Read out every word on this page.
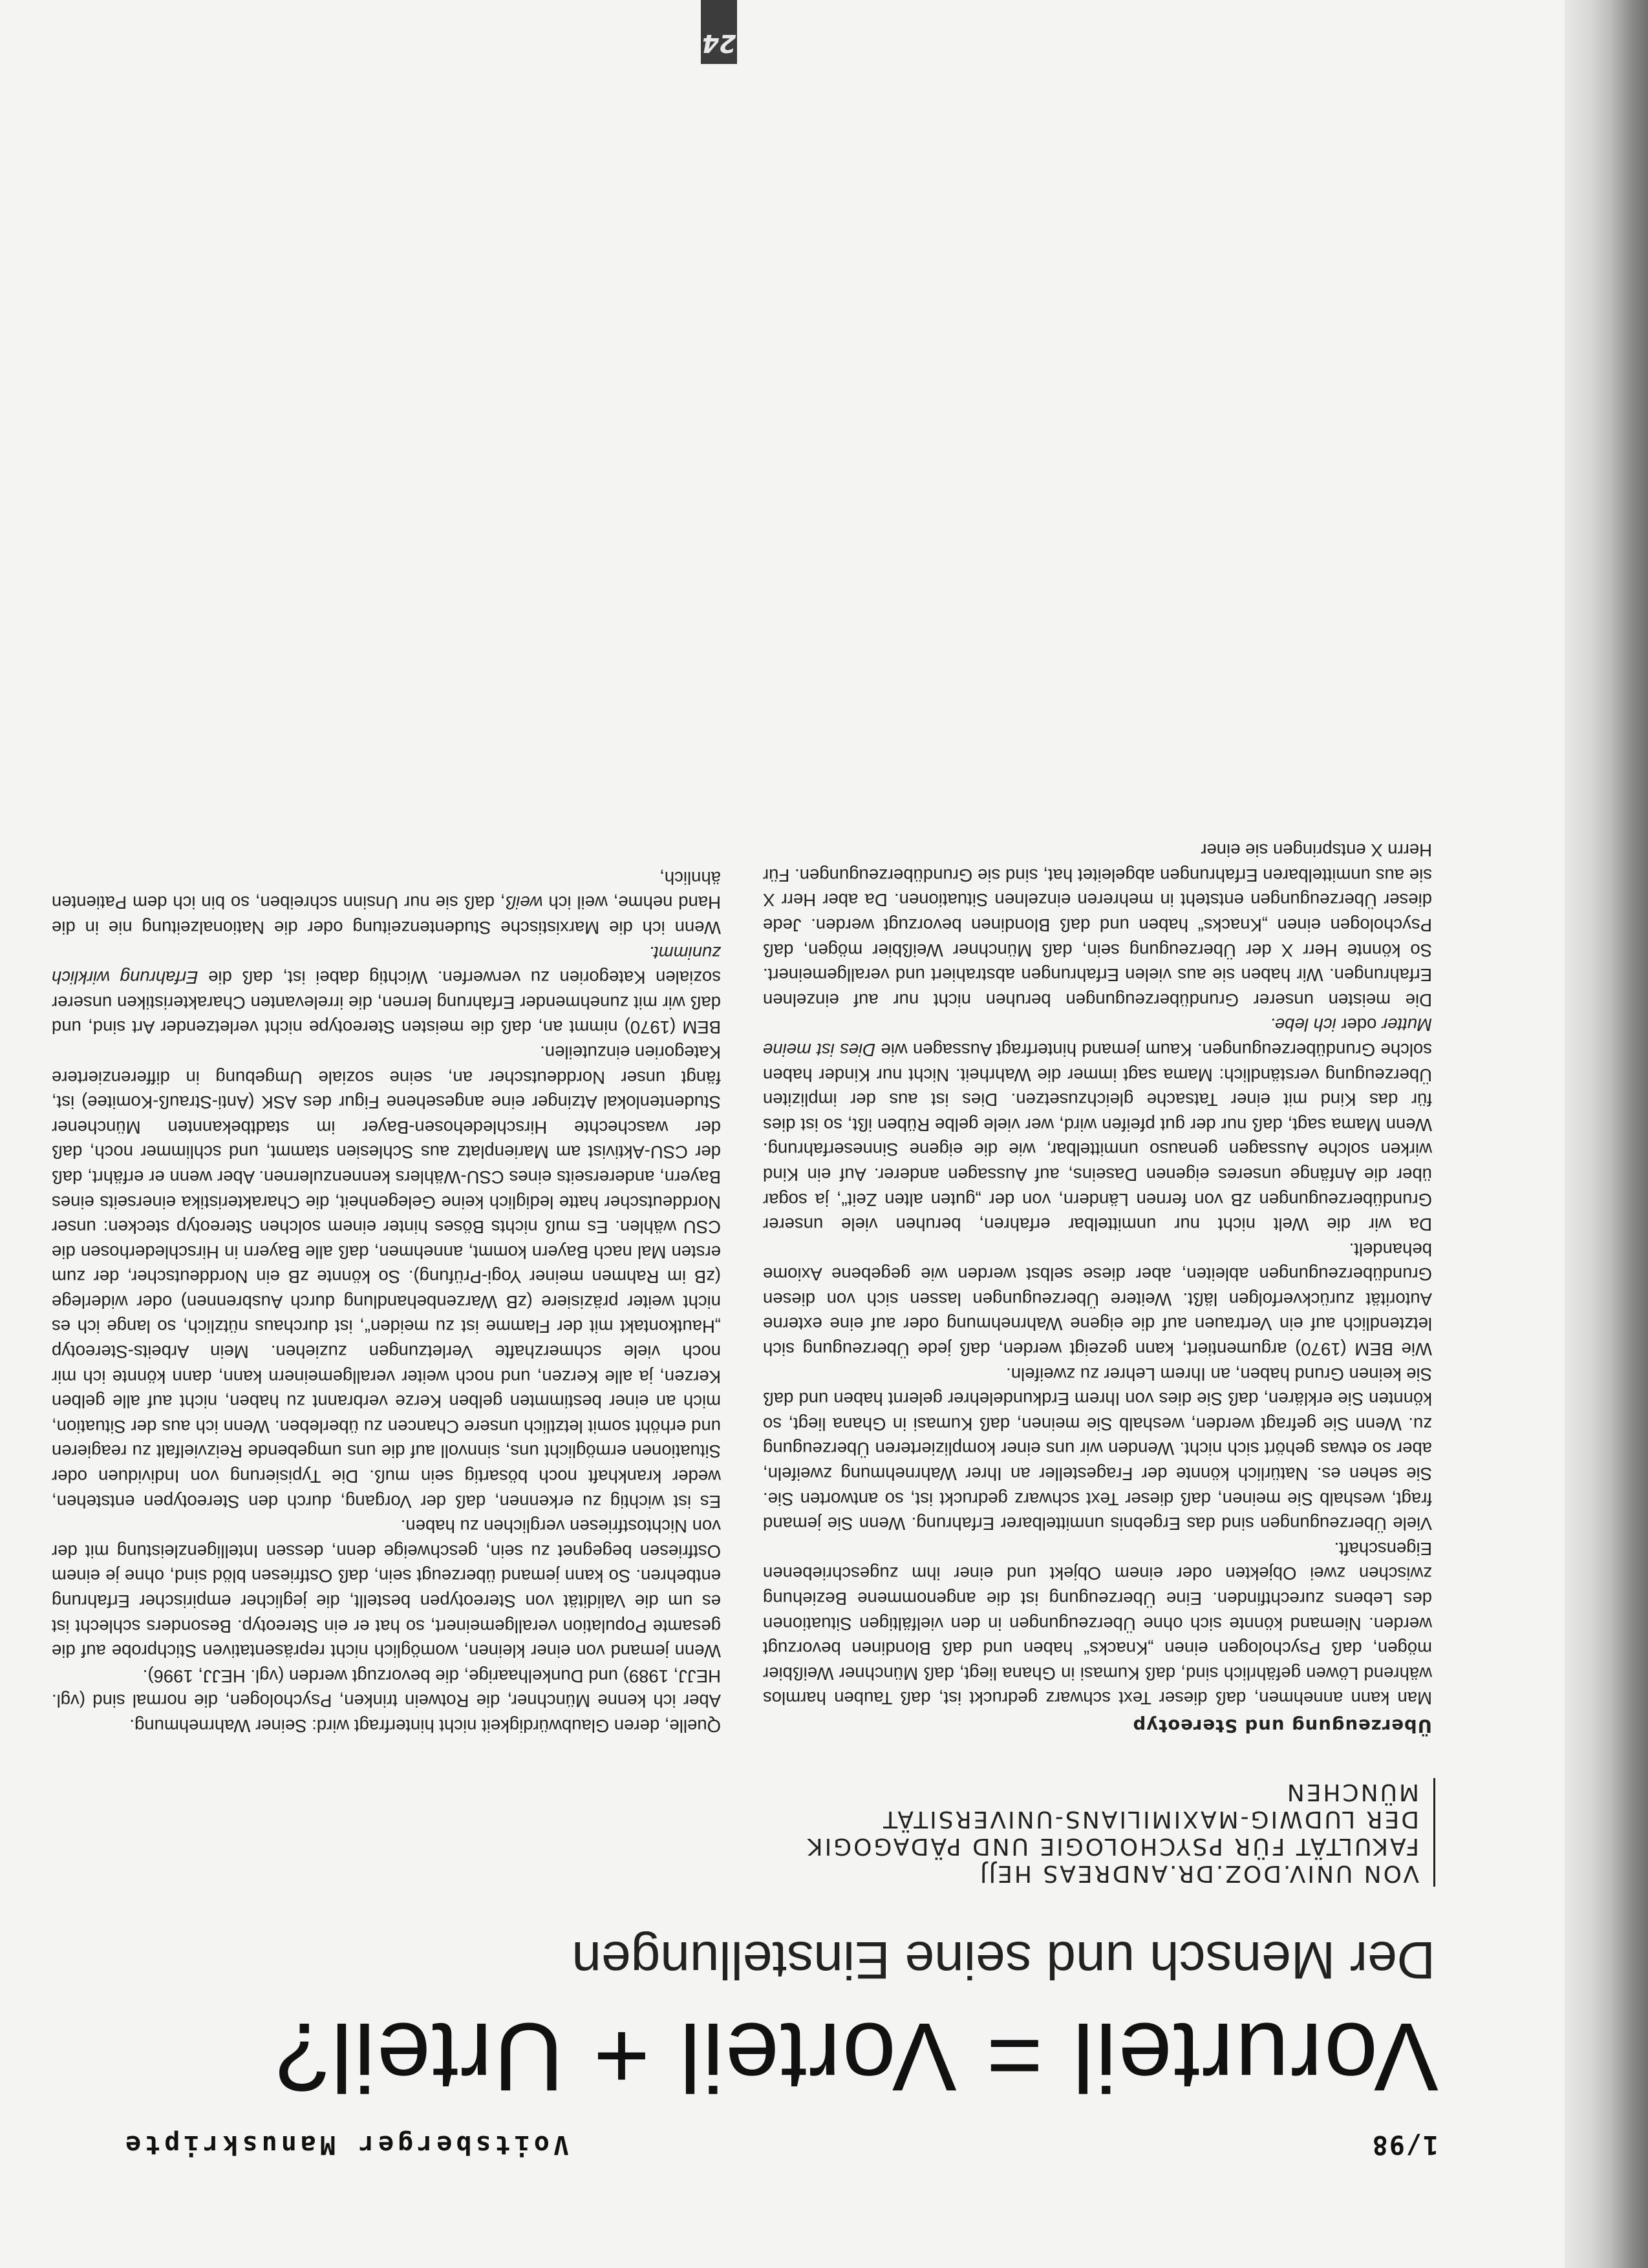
1/98
Voitsberger Manuskripte
Vorurteil = Vorteil + Urteil?
Der Mensch und seine Einstellungen
VON UNIV.DOZ.DR.ANDREAS HEJJ
FAKULTÄT FÜR PSYCHOLOGIE UND PÄDAGOGIK
DER LUDWIG-MAXIMILIANS-UNIVERSITÄT MÜNCHEN
Überzeugung und Stereotyp

Man kann annehmen, daß dieser Text schwarz gedruckt ist, daß Tauben harmlos während Löwen gefährlich sind, daß Kumasi in Ghana liegt, daß Münchner Weißbier mögen, daß Psychologen einen „Knacks“ haben und daß Blondinen bevorzugt werden. Niemand könnte sich ohne Überzeugungen in den vielfältigen Situationen des Lebens zurechtfinden. Eine Überzeugung ist die angenommene Beziehung zwischen zwei Objekten oder einem Objekt und einer ihm zugeschriebenen Eigenschaft.

Viele Überzeugungen sind das Ergebnis unmittelbarer Erfahrung. Wenn Sie jemand fragt, weshalb Sie meinen, daß dieser Text schwarz gedruckt ist, so antworten Sie. Sie sehen es. Natürlich könnte der Fragesteller an Ihrer Wahrnehmung zweifeln, aber so etwas gehört sich nicht. Wenden wir uns einer komplizierteren Überzeugung zu. Wenn Sie gefragt werden, weshalb Sie meinen, daß Kumasi in Ghana liegt, so könnten Sie erklären, daß Sie dies von Ihrem Erdkundelehrer gelernt haben und daß Sie keinen Grund haben, an Ihrem Lehrer zu zweifeln.

Wie BEM (1970) argumentiert, kann gezeigt werden, daß jede Überzeugung sich letztendlich auf ein Vertrauen auf die eigene Wahrnehmung oder auf eine externe Autorität zurückverfolgen läßt. Weitere Überzeugungen lassen sich von diesen Grundüberzeugungen ableiten, aber diese selbst werden wie gegebene Axiome behandelt.

Da wir die Welt nicht nur unmittelbar erfahren, beruhen viele unserer Grundüberzeugungen zB von fernen Ländern, von der „guten alten Zeit“, ja sogar über die Anfänge unseres eigenen Daseins, auf Aussagen anderer. Auf ein Kind wirken solche Aussagen genauso unmittelbar, wie die eigene Sinneserfahrung. Wenn Mama sagt, daß nur der gut pfeifen wird, wer viele gelbe Rüben ißt, so ist dies für das Kind mit einer Tatsache gleichzusetzen. Dies ist aus der impliziten Überzeugung verständlich: Mama sagt immer die Wahrheit. Nicht nur Kinder haben solche Grundüberzeugungen. Kaum jemand hinterfragt Aussagen wie Dies ist meine Mutter oder ich lebe.

Die meisten unserer Grundüberzeugungen beruhen nicht nur auf einzelnen Erfahrungen. Wir haben sie aus vielen Erfahrungen abstrahiert und verallgemeinert. So könnte Herr X der Überzeugung sein, daß Münchner Weißbier mögen, daß Psychologen einen „Knacks“ haben und daß Blondinen bevorzugt werden. Jede dieser Überzeugungen entsteht in mehreren einzelnen Situationen. Da aber Herr X sie aus unmittelbaren Erfahrungen abgeleitet hat, sind sie Grundüberzeugungen. Für Herrn X entspringen sie einer

Quelle, deren Glaubwürdigkeit nicht hinterfragt wird: Seiner Wahrnehmung.

Aber ich kenne Münchner, die Rotwein trinken, Psychologen, die normal sind (vgl. HEJJ, 1989) und Dunkelhaarige, die bevorzugt werden (vgl. HEJJ, 1996).

Wenn jemand von einer kleinen, womöglich nicht repräsentativen Stichprobe auf die gesamte Population verallgemeinert, so hat er ein Stereotyp. Besonders schlecht ist es um die Validität von Stereotypen bestellt, die jeglicher empirischer Erfahrung entbehren. So kann jemand überzeugt sein, daß Ostfriesen blöd sind, ohne je einem Ostfriesen begegnet zu sein, geschweige denn, dessen Intelligenzleistung mit der von Nichtostfriesen verglichen zu haben.

Es ist wichtig zu erkennen, daß der Vorgang, durch den Stereotypen entstehen, weder krankhaft noch bösartig sein muß. Die Typisierung von Individuen oder Situationen ermöglicht uns, sinnvoll auf die uns umgebende Reizvielfalt zu reagieren und erhöht somit letztlich unsere Chancen zu überleben. Wenn ich aus der Situation, mich an einer bestimmten gelben Kerze verbrannt zu haben, nicht auf alle gelben Kerzen, ja alle Kerzen, und noch weiter verallgemeinern kann, dann könnte ich mir noch viele schmerzhafte Verletzungen zuziehen. Mein Arbeits-Stereotyp „Hautkontakt mit der Flamme ist zu meiden“, ist durchaus nützlich, so lange ich es nicht weiter präzisiere (zB Warzenbehandlung durch Ausbrennen) oder widerlege (zB im Rahmen meiner Yogi-Prüfung). So könnte zB ein Norddeutscher, der zum ersten Mal nach Bayern kommt, annehmen, daß alle Bayern in Hirschlederhosen die CSU wählen. Es muß nichts Böses hinter einem solchen Stereotyp stecken: unser Norddeutscher hatte lediglich keine Gelegenheit, die Charakteristika einerseits eines Bayern, andererseits eines CSU-Wählers kennenzulernen. Aber wenn er erfährt, daß der CSU-Aktivist am Marienplatz aus Schlesien stammt, und schlimmer noch, daß der waschechte Hirschledehosen-Bayer im stadtbekannten Münchener Studentenlokal Atzinger eine angesehene Figur des ASK (Anti-Strauß-Komitee) ist, fängt unser Norddeutscher an, seine soziale Umgebung in differenziertere Kategorien einzuteilen.

BEM (1970) nimmt an, daß die meisten Stereotype nicht verletzender Art sind, und daß wir mit zunehmender Erfahrung lernen, die irrelevanten Charakteristiken unserer sozialen Kategorien zu verwerfen. Wichtig dabei ist, daß die Erfahrung wirklich zunimmt.

Wenn ich die Marxistische Studentenzeitung oder die Nationalzeitung nie in die Hand nehme, weil ich weiß, daß sie nur Unsinn schreiben, so bin ich dem Patienten ähnlich,

24
